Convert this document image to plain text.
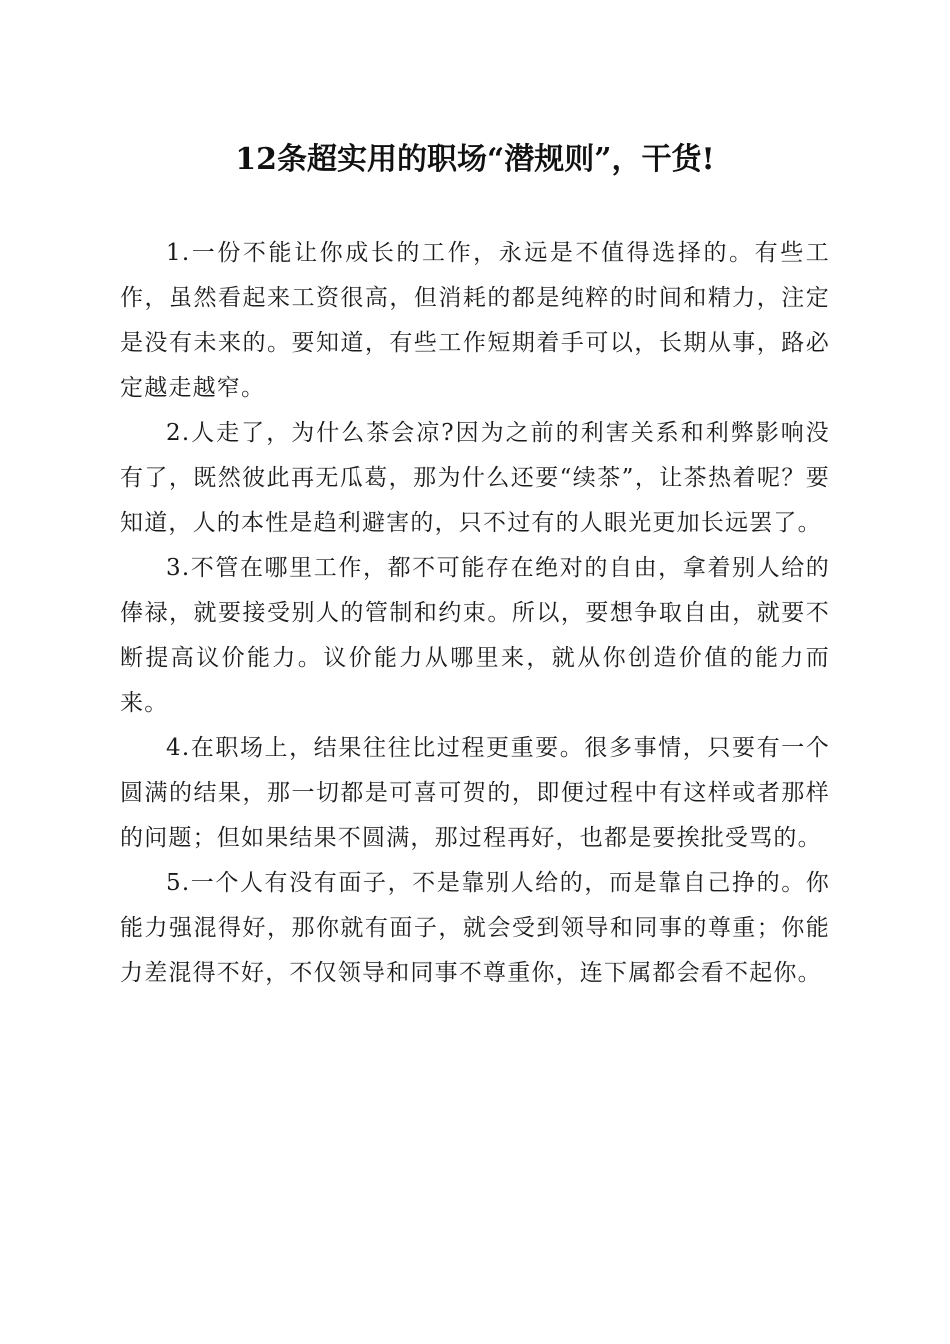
12条超实用的职场“潜规则”，干货!

1.一份不能让你成长的工作，永远是不值得选择的。有些工作，虽然看起来工资很高，但消耗的都是纯粹的时间和精力，注定是没有未来的。要知道，有些工作短期着手可以，长期从事，路必定越走越窄。

2.人走了，为什么茶会凉?因为之前的利害关系和利弊影响没有了，既然彼此再无瓜葛，那为什么还要“续茶”，让茶热着呢？要知道，人的本性是趋利避害的，只不过有的人眼光更加长远罢了。

3.不管在哪里工作，都不可能存在绝对的自由，拿着别人给的俸禄，就要接受别人的管制和约束。所以，要想争取自由，就要不断提高议价能力。议价能力从哪里来，就从你创造价值的能力而来。

4.在职场上，结果往往比过程更重要。很多事情，只要有一个圆满的结果，那一切都是可喜可贺的，即便过程中有这样或者那样的问题；但如果结果不圆满，那过程再好，也都是要挨批受骂的。

5.一个人有没有面子，不是靠别人给的，而是靠自己挣的。你能力强混得好，那你就有面子，就会受到领导和同事的尊重；你能力差混得不好，不仅领导和同事不尊重你，连下属都会看不起你。
